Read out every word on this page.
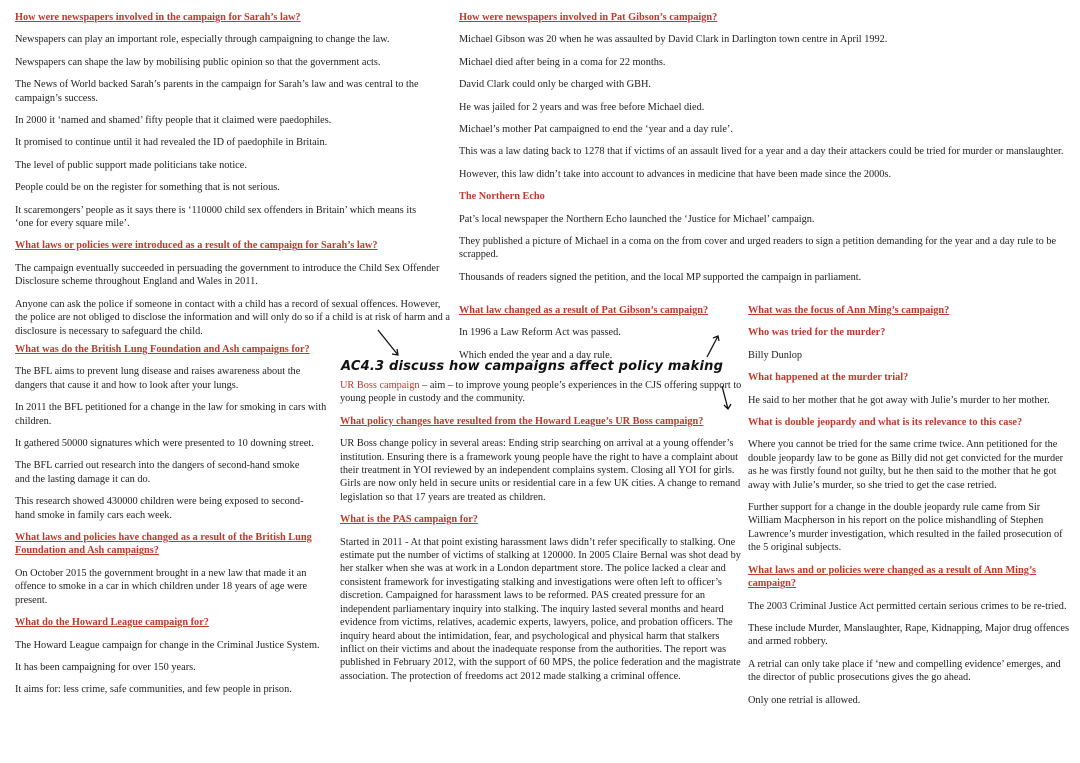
How were newspapers involved in the campaign for Sarah’s law?
Newspapers can play an important role, especially through campaigning to change the law.
Newspapers can shape the law by mobilising public opinion so that the government acts.
The News of World backed Sarah’s parents in the campaign for Sarah’s law and was central to the campaign’s success.
In 2000 it ‘named and shamed’ fifty people that it claimed were paedophiles.
It promised to continue until it had revealed the ID of paedophile in Britain.
The level of public support made politicians take notice.
People could be on the register for something that is not serious.
It scaremongers’ people as it says there is ‘110000 child sex offenders in Britain’ which means its ‘one for every square mile’.
What laws or policies were introduced as a result of the campaign for Sarah’s law?
The campaign eventually succeeded in persuading the government to introduce the Child Sex Offender Disclosure scheme throughout England and Wales in 2011.
Anyone can ask the police if someone in contact with a child has a record of sexual offences. However, the police are not obliged to disclose the information and will only do so if a child is at risk of harm and a disclosure is necessary to safeguard the child.
What was do the British Lung Foundation and Ash campaigns for?
The BFL aims to prevent lung disease and raises awareness about the dangers that cause it and how to look after your lungs.
In 2011 the BFL petitioned for a change in the law for smoking in cars with children.
It gathered 50000 signatures which were presented to 10 downing street.
The BFL carried out research into the dangers of second-hand smoke and the lasting damage it can do.
This research showed 430000 children were being exposed to second-hand smoke in family cars each week.
What laws and policies have changed as a result of the British Lung Foundation and Ash campaigns?
On October 2015 the government brought in a new law that made it an offence to smoke in a car in which children under 18 years of age were present.
What do the Howard League campaign for?
The Howard League campaign for change in the Criminal Justice System.
It has been campaigning for over 150 years.
It aims for: less crime, safe communities, and few people in prison.
How were newspapers involved in Pat Gibson’s campaign?
Michael Gibson was 20 when he was assaulted by David Clark in Darlington town centre in April 1992.
Michael died after being in a coma for 22 months.
David Clark could only be charged with GBH.
He was jailed for 2 years and was free before Michael died.
Michael’s mother Pat campaigned to end the ‘year and a day rule’.
This was a law dating back to 1278 that if victims of an assault lived for a year and a day their attackers could be tried for murder or manslaughter.
However, this law didn’t take into account to advances in medicine that have been made since the 2000s.
The Northern Echo
Pat’s local newspaper the Northern Echo launched the ‘Justice for Michael’ campaign.
They published a picture of Michael in a coma on the from cover and urged readers to sign a petition demanding for the year and a day rule to be scrapped.
Thousands of readers signed the petition, and the local MP supported the campaign in parliament.
What law changed as a result of Pat Gibson’s campaign?
In 1996 a Law Reform Act was passed.
Which ended the year and a day rule.
AC4.3 discuss how campaigns affect policy making
UR Boss campaign – aim – to improve young people’s experiences in the CJS offering support to young people in custody and the community.
What policy changes have resulted from the Howard League’s UR Boss campaign?
UR Boss change policy in several areas: Ending strip searching on arrival at a young offender’s institution. Ensuring there is a framework young people have the right to have a complaint about their treatment in YOI reviewed by an independent complains system. Closing all YOI for girls. Girls are now only held in secure units or residential care in a few UK cities. A change to remand legislation so that 17 years are treated as children.
What is the PAS campaign for?
Started in 2011 - At that point existing harassment laws didn’t refer specifically to stalking. One estimate put the number of victims of stalking at 120000. In 2005 Claire Bernal was shot dead by her stalker when she was at work in a London department store. The police lacked a clear and consistent framework for investigating stalking and investigations were often left to officer’s discretion. Campaigned for harassment laws to be reformed. PAS created pressure for an independent parliamentary inquiry into stalking. The inquiry lasted several months and heard evidence from victims, relatives, academic experts, lawyers, police, and probation officers. The inquiry heard about the intimidation, fear, and psychological and physical harm that stalkers inflict on their victims and about the inadequate response from the authorities. The report was published in February 2012, with the support of 60 MPS, the police federation and the magistrate association. The protection of freedoms act 2012 made stalking a criminal offence.
What was the focus of Ann Ming’s campaign?
Who was tried for the murder?
Billy Dunlop
What happened at the murder trial?
He said to her mother that he got away with Julie’s murder to her mother.
What is double jeopardy and what is its relevance to this case?
Where you cannot be tried for the same crime twice. Ann petitioned for the double jeopardy law to be gone as Billy did not get convicted for the murder as he was firstly found not guilty, but he then said to the mother that he got away with Julie’s murder, so she tried to get the case retried.
Further support for a change in the double jeopardy rule came from Sir William Macpherson in his report on the police mishandling of Stephen Lawrence’s murder investigation, which resulted in the failed prosecution of the 5 original subjects.
What laws and or policies were changed as a result of Ann Ming’s campaign?
The 2003 Criminal Justice Act permitted certain serious crimes to be re-tried.
These include Murder, Manslaughter, Rape, Kidnapping, Major drug offences and armed robbery.
A retrial can only take place if ‘new and compelling evidence’ emerges, and the director of public prosecutions gives the go ahead.
Only one retrial is allowed.
